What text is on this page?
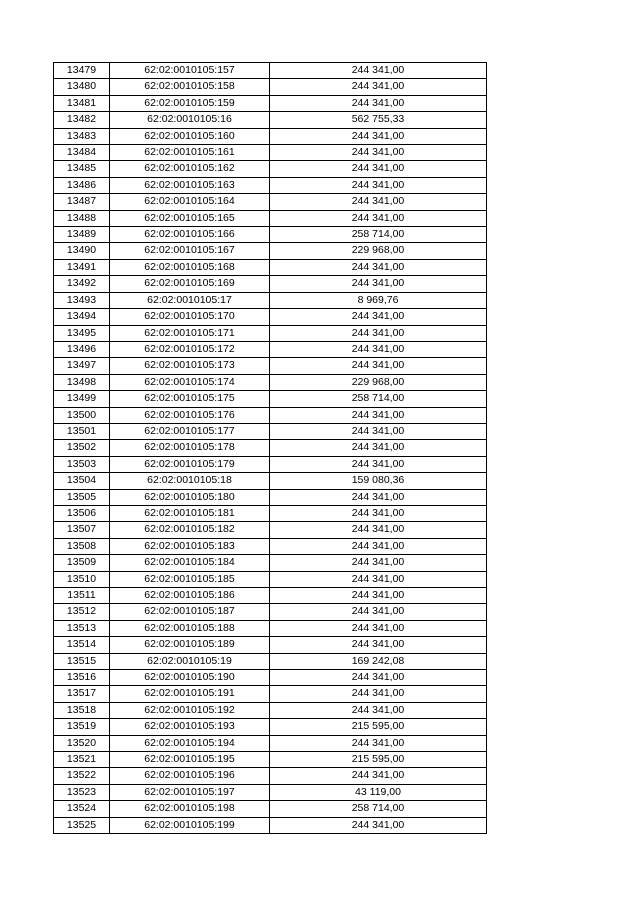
13479	62:02:0010105:157	244 341,00
13480	62:02:0010105:158	244 341,00
13481	62:02:0010105:159	244 341,00
13482	62:02:0010105:16	562 755,33
13483	62:02:0010105:160	244 341,00
13484	62:02:0010105:161	244 341,00
13485	62:02:0010105:162	244 341,00
13486	62:02:0010105:163	244 341,00
13487	62:02:0010105:164	244 341,00
13488	62:02:0010105:165	244 341,00
13489	62:02:0010105:166	258 714,00
13490	62:02:0010105:167	229 968,00
13491	62:02:0010105:168	244 341,00
13492	62:02:0010105:169	244 341,00
13493	62:02:0010105:17	8 969,76
13494	62:02:0010105:170	244 341,00
13495	62:02:0010105:171	244 341,00
13496	62:02:0010105:172	244 341,00
13497	62:02:0010105:173	244 341,00
13498	62:02:0010105:174	229 968,00
13499	62:02:0010105:175	258 714,00
13500	62:02:0010105:176	244 341,00
13501	62:02:0010105:177	244 341,00
13502	62:02:0010105:178	244 341,00
13503	62:02:0010105:179	244 341,00
13504	62:02:0010105:18	159 080,36
13505	62:02:0010105:180	244 341,00
13506	62:02:0010105:181	244 341,00
13507	62:02:0010105:182	244 341,00
13508	62:02:0010105:183	244 341,00
13509	62:02:0010105:184	244 341,00
13510	62:02:0010105:185	244 341,00
13511	62:02:0010105:186	244 341,00
13512	62:02:0010105:187	244 341,00
13513	62:02:0010105:188	244 341,00
13514	62:02:0010105:189	244 341,00
13515	62:02:0010105:19	169 242,08
13516	62:02:0010105:190	244 341,00
13517	62:02:0010105:191	244 341,00
13518	62:02:0010105:192	244 341,00
13519	62:02:0010105:193	215 595,00
13520	62:02:0010105:194	244 341,00
13521	62:02:0010105:195	215 595,00
13522	62:02:0010105:196	244 341,00
13523	62:02:0010105:197	43 119,00
13524	62:02:0010105:198	258 714,00
13525	62:02:0010105:199	244 341,00
